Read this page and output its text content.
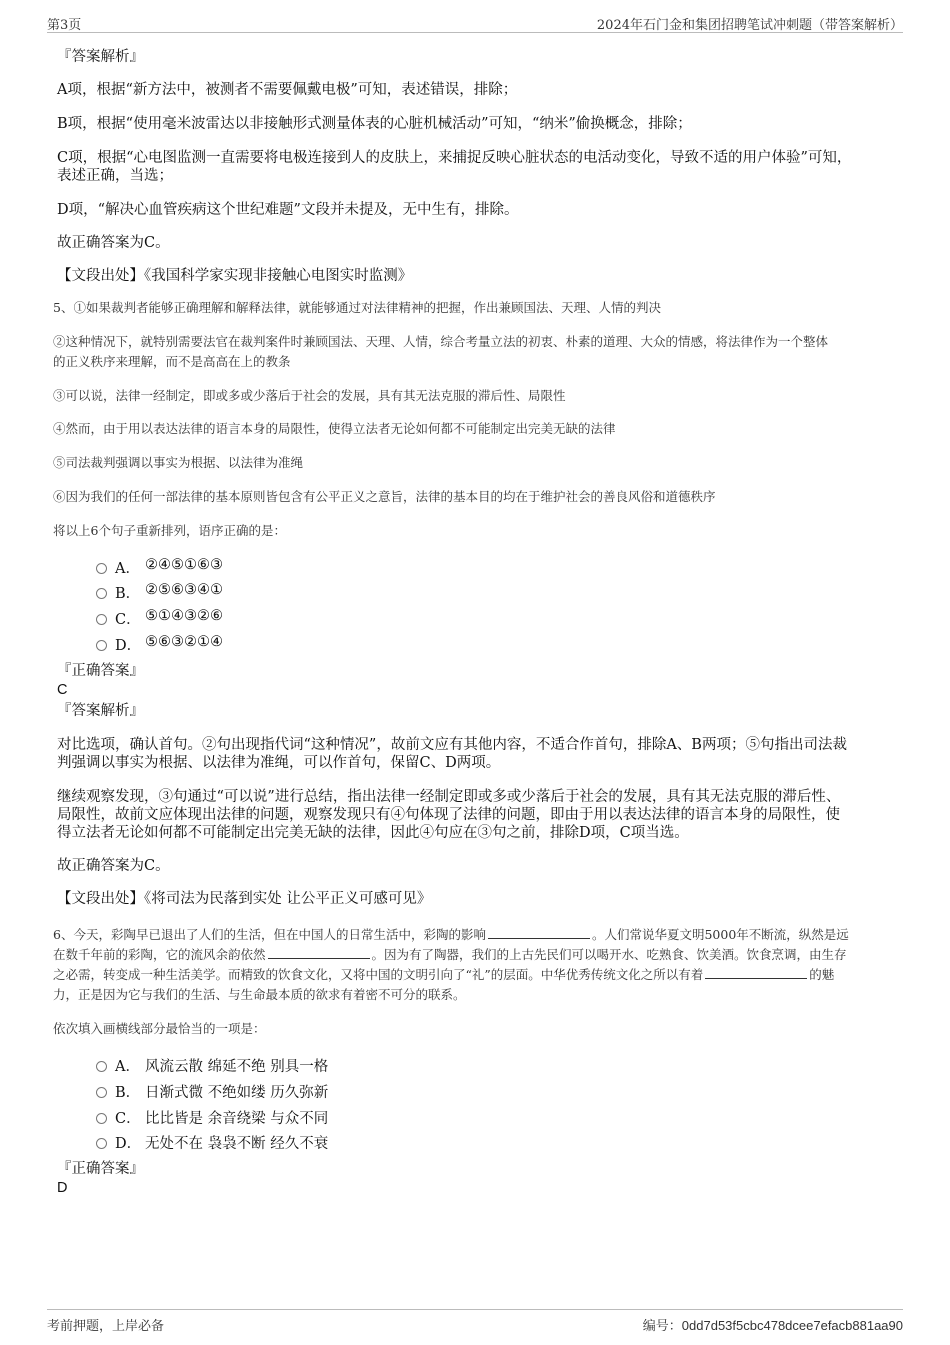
第3页	2024年石门金和集团招聘笔试冲刺题（带答案解析）
『答案解析』
A项，根据“新方法中，被测者不需要佩戴电极”可知，表述错误，排除；
B项，根据“使用毫米波雷达以非接触形式测量体表的心脏机械活动”可知，“纳米”偷换概念，排除；
C项，根据“心电图监测一直需要将电极连接到人的皮肤上，来捕捉反映心脏状态的电活动变化，导致不适的用户体验”可知，
表述正确，当选；
D项，“解决心血管疾病这个世纪难题”文段并未提及，无中生有，排除。
故正确答案为C。
【文段出处】《我国科学家实现非接触心电图实时监测》
5、①如果裁判者能够正确理解和解释法律，就能够通过对法律精神的把握，作出兼顾国法、天理、人情的判决
②这种情况下，就特别需要法官在裁判案件时兼顾国法、天理、人情，综合考量立法的初衷、朴素的道理、大众的情感，将法律作为一个整体
的正义秩序来理解，而不是高高在上的教条
③可以说，法律一经制定，即或多或少落后于社会的发展，具有其无法克服的滞后性、局限性
④然而，由于用以表达法律的语言本身的局限性，使得立法者无论如何都不可能制定出完美无缺的法律
⑤司法裁判强调以事实为根据、以法律为准绳
⑥因为我们的任何一部法律的基本原则皆包含有公平正义之意旨，法律的基本目的均在于维护社会的善良风俗和道德秩序
将以上6个句子重新排列，语序正确的是：
A． ②④⑤①⑥③
B． ②⑤⑥③④①
C． ⑤①④③②⑥
D． ⑤⑥③②①④
『正确答案』
C
『答案解析』
对比选项，确认首句。②句出现指代词“这种情况”，故前文应有其他内容，不适合作首句，排除A、B两项；⑤句指出司法裁
判强调以事实为根据、以法律为准绳，可以作首句，保留C、D两项。
继续观察发现，③句通过“可以说”进行总结，指出法律一经制定即或多或少落后于社会的发展，具有其无法克服的滞后性、
局限性，故前文应体现出法律的问题，观察发现只有④句体现了法律的问题，即由于用以表达法律的语言本身的局限性，使
得立法者无论如何都不可能制定出完美无缺的法律，因此④句应在③句之前，排除D项，C项当选。
故正确答案为C。
【文段出处】《将司法为民落到实处 让公平正义可感可见》
6、今天，彩陶早已退出了人们的生活，但在中国人的日常生活中，彩陶的影响	。人们常说华夏文明5000年不断流，纵然是远
在数千年前的彩陶，它的流风余韵依然	。因为有了陶器，我们的上古先民们可以喝开水、吃熟食、饮美酒。饮食烹调，由生存
之必需，转变成一种生活美学。而精致的饮食文化，又将中国的文明引向了“礼”的层面。中华优秀传统文化之所以有着	的魅
力，正是因为它与我们的生活、与生命最本质的欲求有着密不可分的联系。
依次填入画横线部分最恰当的一项是：
A． 风流云散 绵延不绝 别具一格
B． 日渐式微 不绝如缕 历久弥新
C． 比比皆是 余音绕梁 与众不同
D． 无处不在 袅袅不断 经久不衰
『正确答案』
D
考前押题，上岸必备	编号：0dd7d53f5cbc478dcee7efacb881aa90
